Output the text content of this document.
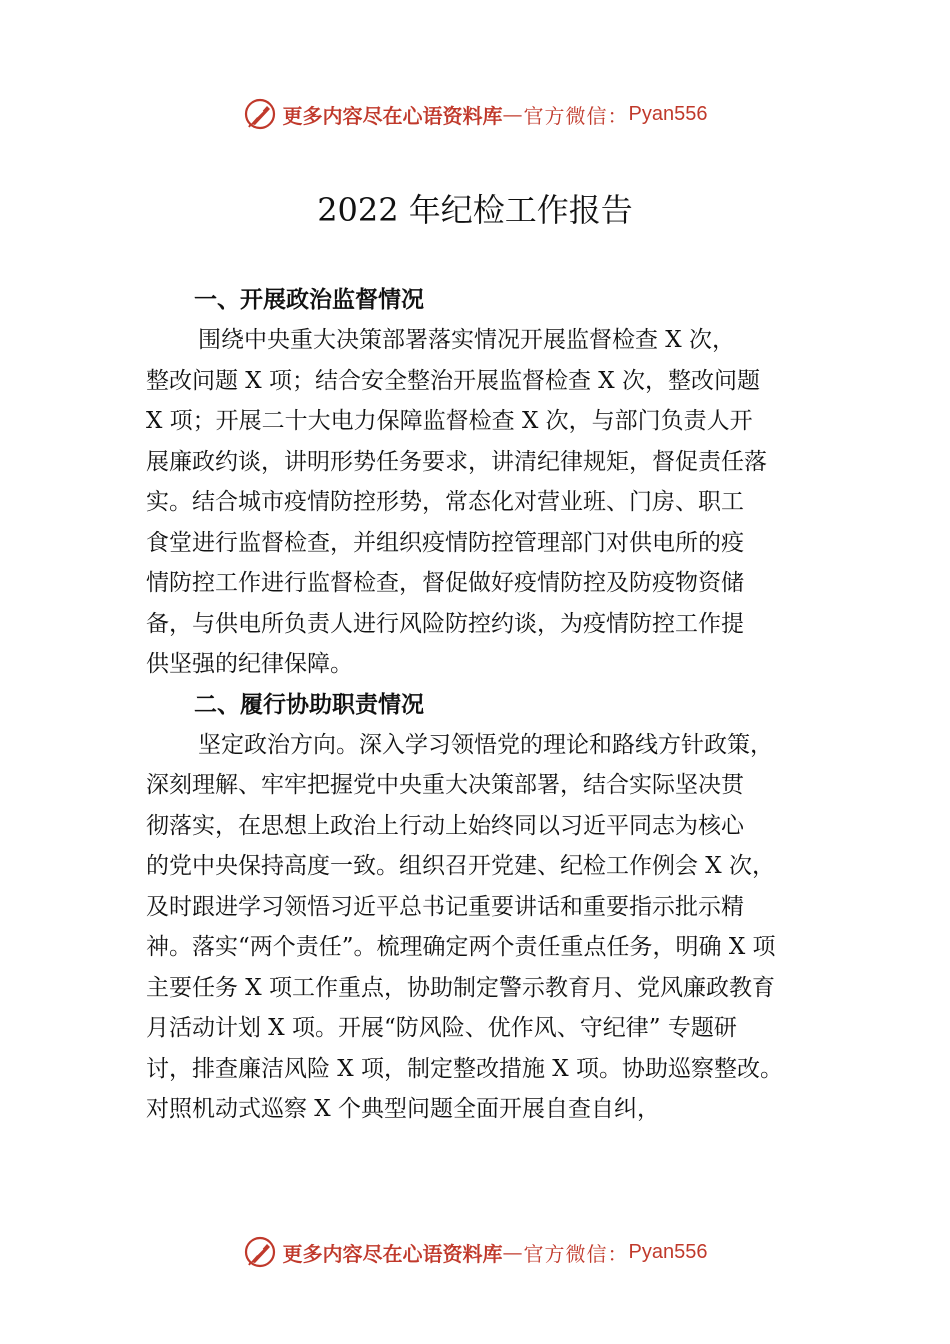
更多内容尽在心语资料库 — 官方微信： Pyan556
2022 年纪检工作报告

一、开展政治监督情况

围绕中央重大决策部署落实情况开展监督检查 X 次，

整改问题 X 项；结合安全整治开展监督检查 X 次，整改问题

X 项；开展二十大电力保障监督检查 X 次，与部门负责人开

展廉政约谈，讲明形势任务要求，讲清纪律规矩，督促责任落

实。结合城市疫情防控形势，常态化对营业班、门房、职工

食堂进行监督检查，并组织疫情防控管理部门对供电所的疫

情防控工作进行监督检查，督促做好疫情防控及防疫物资储

备，与供电所负责人进行风险防控约谈，为疫情防控工作提

供坚强的纪律保障。

二、履行协助职责情况

坚定政治方向。深入学习领悟党的理论和路线方针政策，

深刻理解、牢牢把握党中央重大决策部署，结合实际坚决贯

彻落实，在思想上政治上行动上始终同以习近平同志为核心

的党中央保持高度一致。组织召开党建、纪检工作例会 X 次，

及时跟进学习领悟习近平总书记重要讲话和重要指示批示精

神。落实“两个责任”。梳理确定两个责任重点任务，明确 X 项

主要任务 X 项工作重点，协助制定警示教育月、党风廉政教育

月活动计划 X 项。开展“防风险、优作风、守纪律” 专题研

讨，排查廉洁风险 X 项，制定整改措施 X 项。协助巡察整改。

对照机动式巡察 X 个典型问题全面开展自查自纠，

更多内容尽在心语资料库 — 官方微信： Pyan556
